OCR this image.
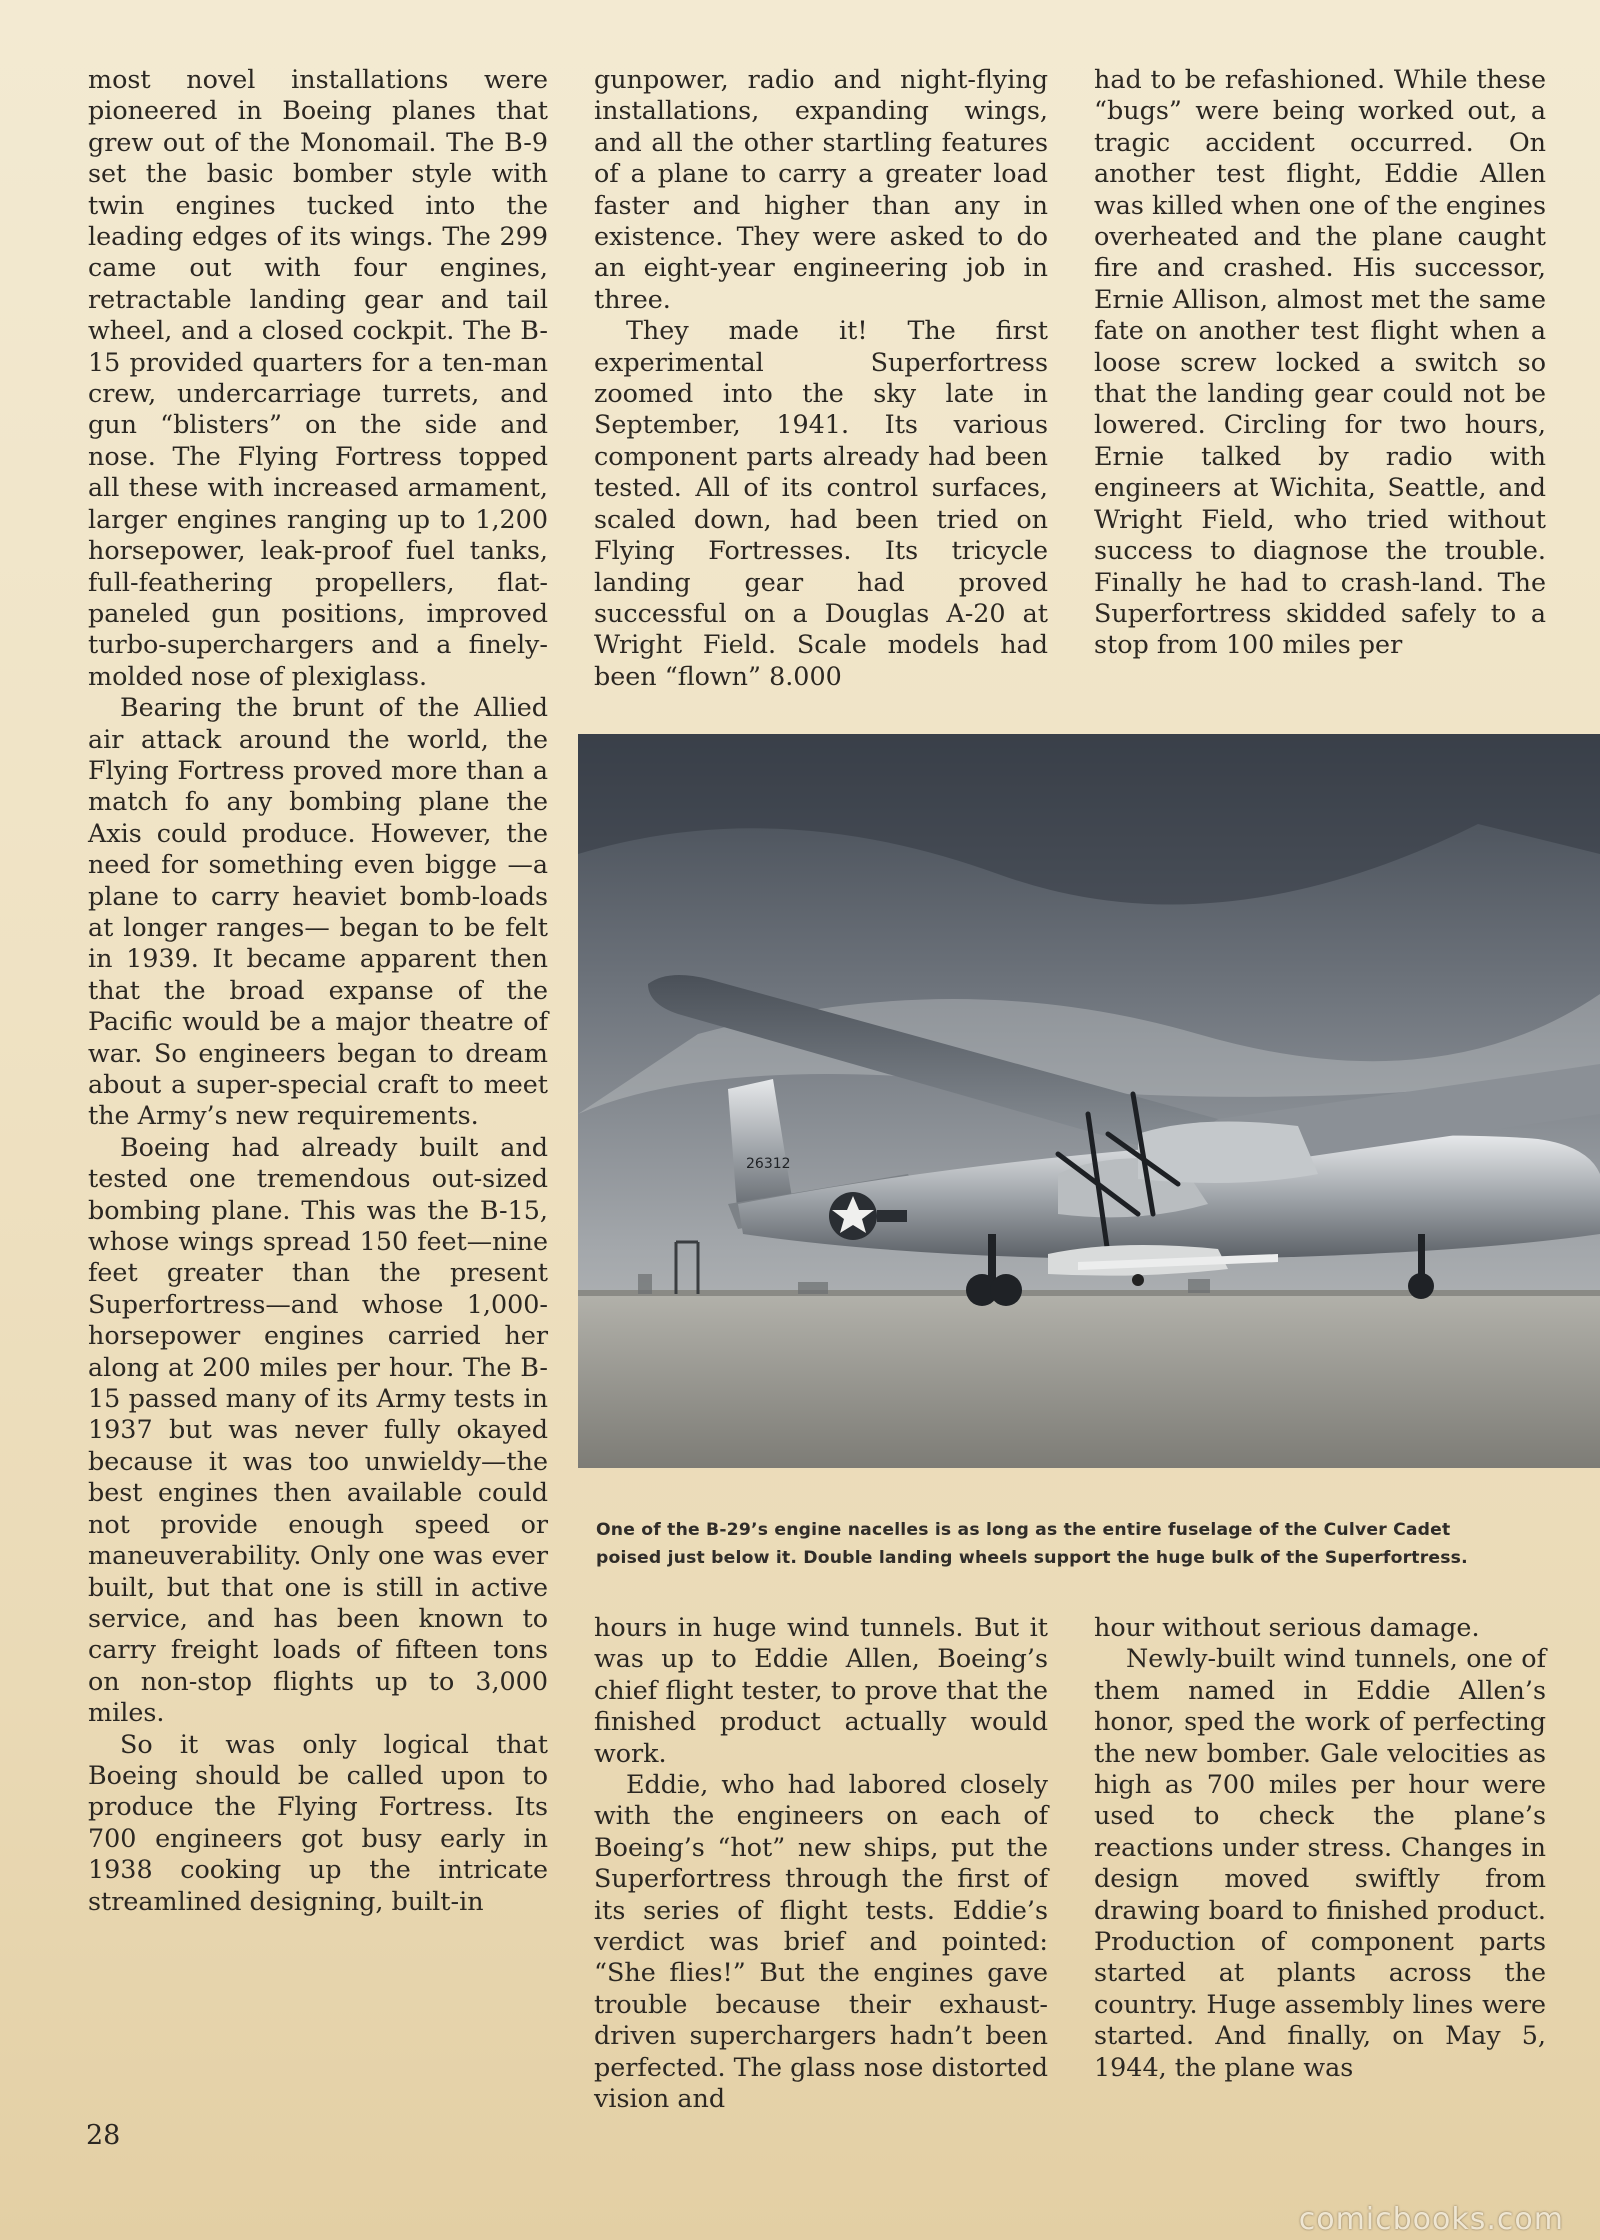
most novel installations were pioneered in Boeing planes that grew out of the Monomail. The B-9 set the basic bomber style with twin engines tucked into the leading edges of its wings. The 299 came out with four engines, retractable landing gear and tail wheel, and a closed cockpit. The B-15 provided quarters for a ten-man crew, undercarriage turrets, and gun “blisters” on the side and nose. The Flying Fortress topped all these with increased armament, larger engines ranging up to 1,200 horsepower, leak-proof fuel tanks, full-feathering propellers, flat-paneled gun positions, improved turbo-superchargers and a finely-molded nose of plexiglass.

Bearing the brunt of the Allied air attack around the world, the Flying Fortress proved more than a match fo any bombing plane the Axis could produce. However, the need for something even bigge —a plane to carry heaviet bomb-loads at longer ranges— began to be felt in 1939. It became apparent then that the broad expanse of the Pacific would be a major theatre of war. So engineers began to dream about a super-special craft to meet the Army’s new requirements.

Boeing had already built and tested one tremendous out-sized bombing plane. This was the B-15, whose wings spread 150 feet—nine feet greater than the present Superfortress—and whose 1,000-horsepower engines carried her along at 200 miles per hour. The B-15 passed many of its Army tests in 1937 but was never fully okayed because it was too unwieldy—the best engines then available could not provide enough speed or maneuverability. Only one was ever built, but that one is still in active service, and has been known to carry freight loads of fifteen tons on non-stop flights up to 3,000 miles.

So it was only logical that Boeing should be called upon to produce the Flying Fortress. Its 700 engineers got busy early in 1938 cooking up the intricate streamlined designing, built-in

gunpower, radio and night-flying installations, expanding wings, and all the other startling features of a plane to carry a greater load faster and higher than any in existence. They were asked to do an eight-year engineering job in three.

They made it! The first experimental Superfortress zoomed into the sky late in September, 1941. Its various component parts already had been tested. All of its control surfaces, scaled down, had been tried on Flying Fortresses. Its tricycle landing gear had proved successful on a Douglas A-20 at Wright Field. Scale models had been “flown” 8.000

had to be refashioned. While these “bugs” were being worked out, a tragic accident occurred. On another test flight, Eddie Allen was killed when one of the engines overheated and the plane caught fire and crashed. His successor, Ernie Allison, almost met the same fate on another test flight when a loose screw locked a switch so that the landing gear could not be lowered. Circling for two hours, Ernie talked by radio with engineers at Wichita, Seattle, and Wright Field, who tried without success to diagnose the trouble. Finally he had to crash-land. The Superfortress skidded safely to a stop from 100 miles per

26312
One of the B-29’s engine nacelles is as long as the entire fuselage of the Culver Cadet
poised just below it. Double landing wheels support the huge bulk of the Superfortress.

hours in huge wind tunnels. But it was up to Eddie Allen, Boeing’s chief flight tester, to prove that the finished product actually would work.

Eddie, who had labored closely with the engineers on each of Boeing’s “hot” new ships, put the Superfortress through the first of its series of flight tests. Eddie’s verdict was brief and pointed: “She flies!” But the engines gave trouble because their exhaust-driven superchargers hadn’t been perfected. The glass nose distorted vision and

hour without serious damage.

Newly-built wind tunnels, one of them named in Eddie Allen’s honor, sped the work of perfecting the new bomber. Gale velocities as high as 700 miles per hour were used to check the plane’s reactions under stress. Changes in design moved swiftly from drawing board to finished product. Production of component parts started at plants across the country. Huge assembly lines were started. And finally, on May 5, 1944, the plane was

28
comicbooks.com
